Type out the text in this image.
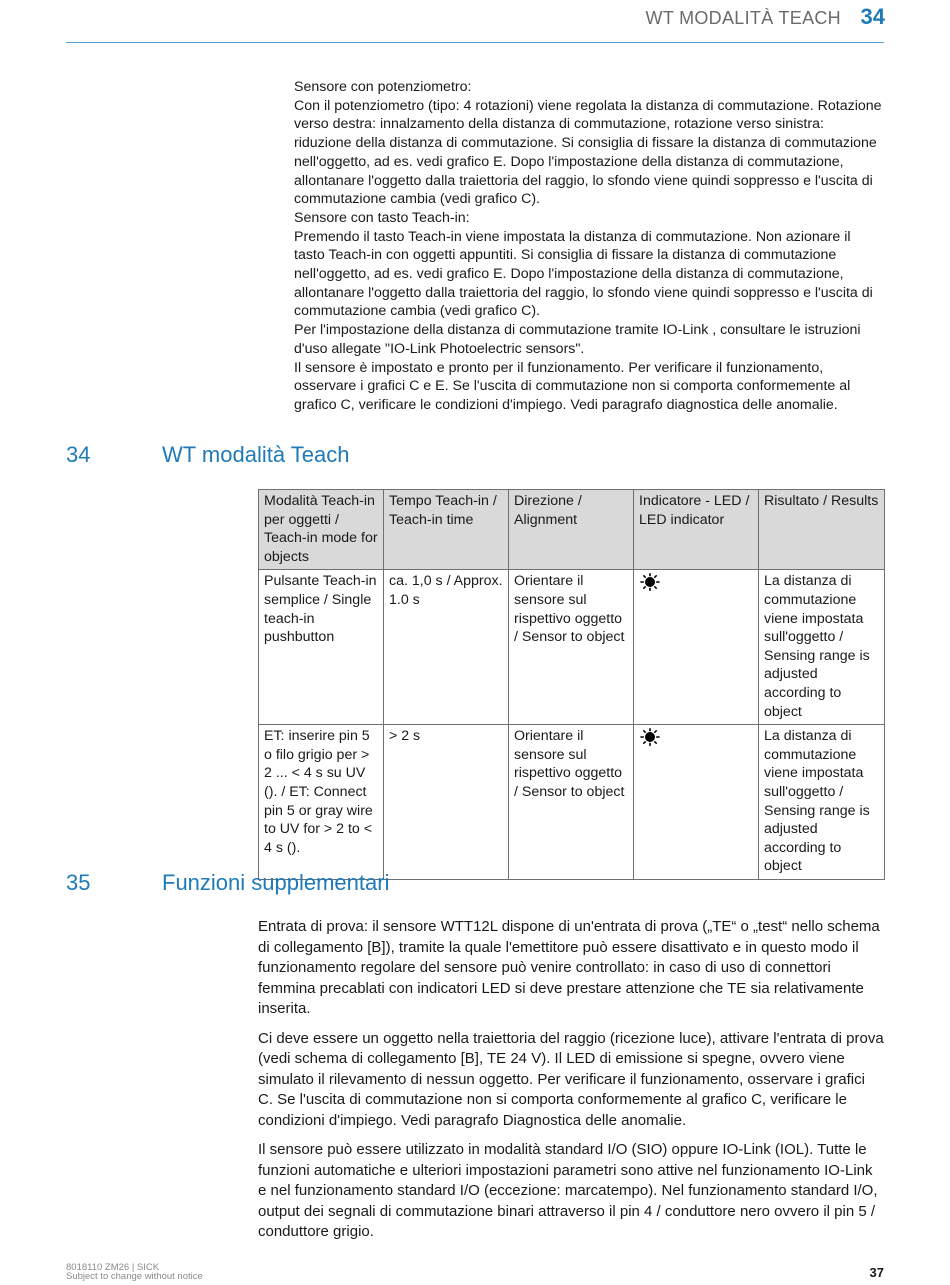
WT MODALITÀ TEACH 34

Sensore con potenziometro:

Con il potenziometro (tipo: 4 rotazioni) viene regolata la distanza di commutazione. Rotazione verso destra: innalzamento della distanza di commutazione, rotazione verso sinistra: riduzione della distanza di commutazione. Si consiglia di fissare la distanza di commutazione nell'oggetto, ad es. vedi grafico E. Dopo l'impostazione della distanza di commutazione, allontanare l'oggetto dalla traiettoria del raggio, lo sfondo viene quindi soppresso e l'uscita di commutazione cambia (vedi grafico C).

Sensore con tasto Teach-in:

Premendo il tasto Teach-in viene impostata la distanza di commutazione. Non azionare il tasto Teach-in con oggetti appuntiti. Si consiglia di fissare la distanza di commutazione nell'oggetto, ad es. vedi grafico E. Dopo l'impostazione della distanza di commutazione, allontanare l'oggetto dalla traiettoria del raggio, lo sfondo viene quindi soppresso e l'uscita di commutazione cambia (vedi grafico C).

Per l'impostazione della distanza di commutazione tramite IO-Link , consultare le istruzioni d'uso allegate "IO-Link Photoelectric sensors".

Il sensore è impostato e pronto per il funzionamento. Per verificare il funzionamento, osservare i grafici C e E. Se l'uscita di commutazione non si comporta conformemente al grafico C, verificare le condizioni d'impiego. Vedi paragrafo diagnostica delle anomalie.

34	WT modalità Teach
Modalità Teach-in per oggetti / Teach-in mode for objects	Tempo Teach-in / Teach-in time	Direzione / Alignment	Indicatore - LED / LED indicator	Risultato / Results
Pulsante Teach-in semplice / Single teach-in pushbutton	ca. 1,0 s / Approx. 1.0 s	Orientare il sensore sul rispettivo oggetto / Sensor to object		La distanza di commutazione viene impostata sull'oggetto / Sensing range is adjusted according to object
ET: inserire pin 5 o filo grigio per > 2 ... < 4 s su UV (). / ET: Connect pin 5 or gray wire to UV for > 2 to < 4 s ().	> 2 s	Orientare il sensore sul rispettivo oggetto / Sensor to object		La distanza di commutazione viene impostata sull'oggetto / Sensing range is adjusted according to object
35	Funzioni supplementari

Entrata di prova: il sensore WTT12L dispone di un'entrata di prova („TE“ o „test“ nello schema di collegamento [B]), tramite la quale l'emettitore può essere disattivato e in questo modo il funzionamento regolare del sensore può venire controllato: in caso di uso di connettori femmina precablati con indicatori LED si deve prestare attenzione che TE sia relativamente inserita.

Ci deve essere un oggetto nella traiettoria del raggio (ricezione luce), attivare l'entrata di prova (vedi schema di collegamento [B], TE 24 V). Il LED di emissione si spegne, ovvero viene simulato il rilevamento di nessun oggetto. Per verificare il funzionamento, osservare i grafici C. Se l'uscita di commutazione non si comporta conformemente al grafico C, verificare le condizioni d'impiego. Vedi paragrafo Diagnostica delle anomalie.

Il sensore può essere utilizzato in modalità standard I/O (SIO) oppure IO-Link (IOL). Tutte le funzioni automatiche e ulteriori impostazioni parametri sono attive nel funzionamento IO-Link e nel funzionamento standard I/O (eccezione: marcatempo). Nel funzionamento standard I/O, output dei segnali di commutazione binari attraverso il pin 4 / conduttore nero ovvero il pin 5 / conduttore grigio.

8018110 ZM26 | SICK
Subject to change without notice	37
